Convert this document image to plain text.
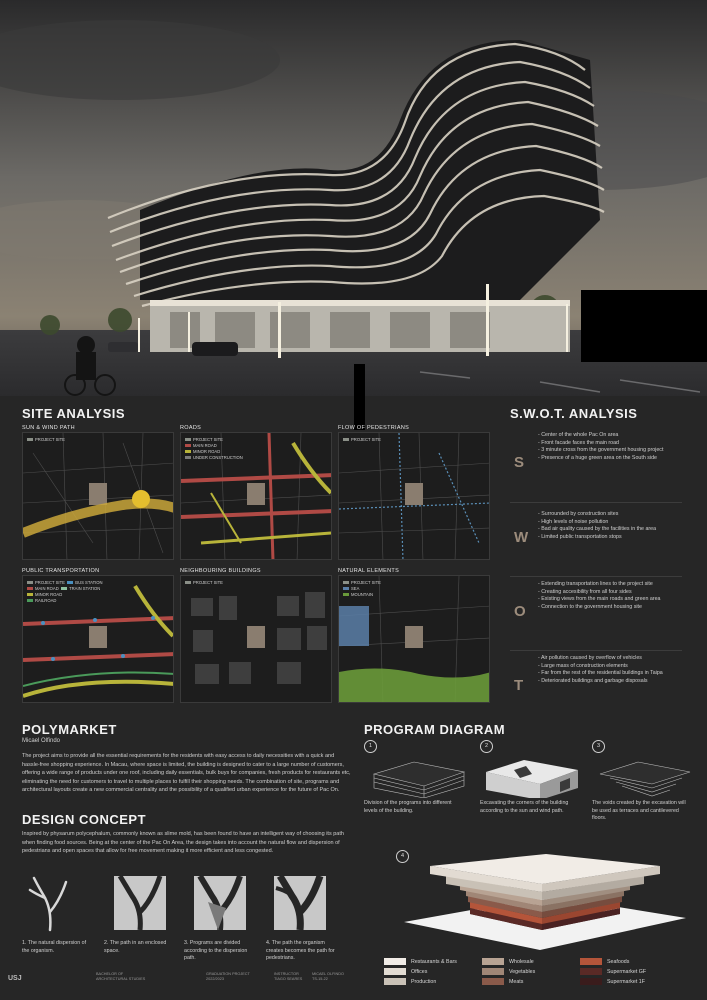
SITE ANALYSIS
SUN & WIND PATH	ROADS	FLOW OF PEDESTRIANS
PUBLIC TRANSPORTATION	NEIGHBOURING BUILDINGS	NATURAL ELEMENTS
PROJECT SITE	PROJECT SITE
MAIN ROAD
MINOR ROAD
UNDER CONSTRUCTION
PROJECT SITE
PROJECT SITE BUS STATION
MAIN ROAD TRAIN STATION
MINOR ROAD
RAILROAD
PROJECT SITE	PROJECT SITE
SEA
MOUNTAIN
S.W.O.T. ANALYSIS
S
- Center of the whole Pac On area
- Front facade faces the main road
- 3 minute cross from the government housing project
- Presence of a huge green area on the South side
W
- Surrounded by construction sites
- High levels of noise pollution
- Bad air quality caused by the facilities in the area
- Limited public transportation stops
O
- Extending transportation lines to the project site
- Creating accesibility from all four sides
- Existing views from the main roads and green area
- Connection to the government housing site
T
- Air pollution caused by overflow of vehicles
- Large mass of construction elements
- Far from the rest of the residential buildings in Taipa
- Deteriorated buildings and garbage disposals
POLYMARKET
Micael Olfindo
The project aims to provide all the essential requirements for the residents with easy access to daily necessities with a quick and hassle-free shopping experience. In Macau, where space is limited, the building is designed to cater to a large number of customers, offering a wide range of products under one roof, including daily essentials, bulk buys for companies, fresh products for restaurants etc, eliminating the need for customers to travel to multiple places to fulfill their shopping needs. The combination of site, programs and architectural layouts create a new commercial centrality and the possibility of a qualified urban experience for the future of Pac On.
DESIGN CONCEPT
Inspired by physarum polycephalum, commonly known as slime mold, has been found to have an intelligent way of choosing its path when finding food sources. Being at the center of the Pac On Area, the design takes into account the natural flow and dispersion of pedestrians and open spaces that allow for free movement making it more efficient and less congested.
1. The natural dispersion of the organism.
2. The path in an enclosed space.
3. Programs are divided according to the dispersion path.
4. The path the organism creates becomes the path for pedestrians.
PROGRAM DIAGRAM
1	2	3
Division of the programs into different levels of the building.
Excavating the corners of the building according to the sun and wind path.
The voids created by the excavation will be used as terraces and cantilevered floors.
4
Restaurants & Bars
Offices
Production
Wholesale
Vegetables
Meats
Seafoods
Supermarket GF
Supermarket 1F
USJ
BACHELOR OF
ARCHITECTURAL STUDIES
GRADUATION PROJECT
2022/2023
INSTRUCTOR
TIAGO SEARES
MICAEL OLFINDO
TS-15-22
